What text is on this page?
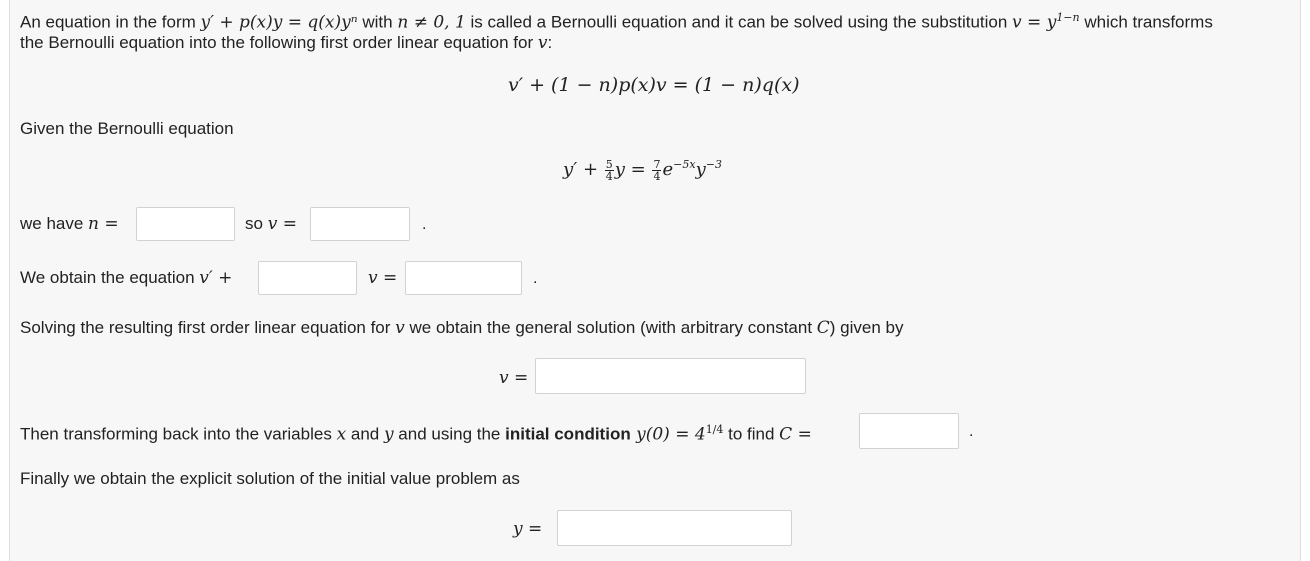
An equation in the form y′ + p(x)y = q(x)yⁿ with n ≠ 0, 1 is called a Bernoulli equation and it can be solved using the substitution $v = y^{1-n}$ which transforms
the Bernoulli equation into the following first order linear equation for v:
v′ + (1 − n)p(x)v = (1 − n)q(x)
Given the Bernoulli equation
$y' + \frac{5}{4}$ $y = \frac{7}{4} e^{-5x}y^{-3}$
we have n =	so v =	.
We obtain the equation v′ +	v =	.
Solving the resulting first order linear equation for v we obtain the general solution (with arbitrary constant C) given by
v =
Then transforming back into the variables x and y and using the initial condition $y(0) = 4^{1/4}$ to find C =	.
Finally we obtain the explicit solution of the initial value problem as
y =
